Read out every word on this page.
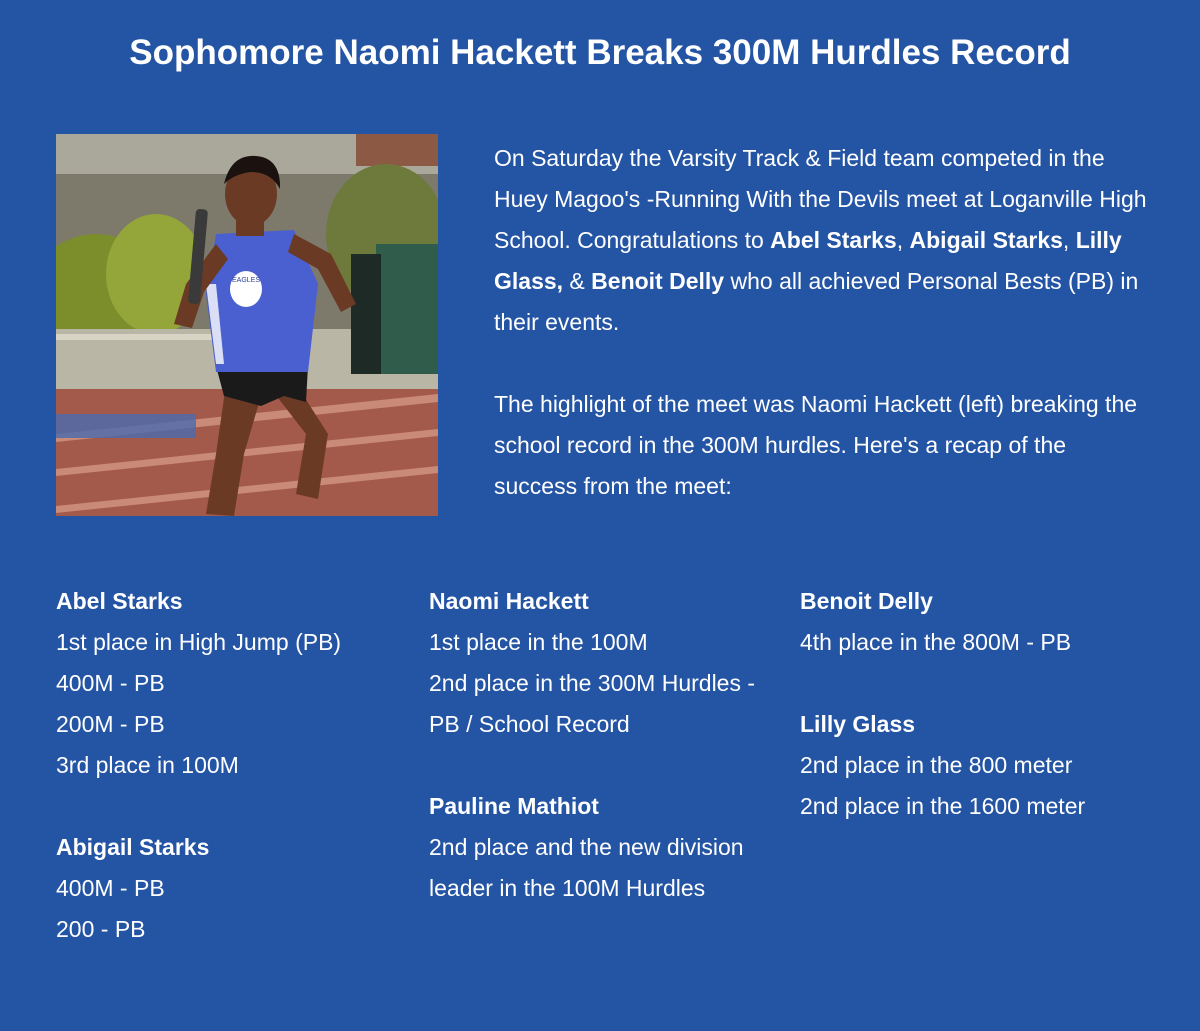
Sophomore Naomi Hackett Breaks 300M Hurdles Record
EAGLES

On Saturday the Varsity Track & Field team competed in the Huey Magoo's -Running With the Devils meet at Loganville High School. Congratulations to Abel Starks, Abigail Starks, Lilly Glass, & Benoit Delly who all achieved Personal Bests (PB) in their events.

The highlight of the meet was Naomi Hackett (left) breaking the school record in the 300M hurdles. Here's a recap of the success from the meet:

Abel Starks
1st place in High Jump (PB)
400M - PB
200M - PB
3rd place in 100M
Abigail Starks
400M - PB
200 - PB
Naomi Hackett
1st place in the 100M
2nd place in the 300M Hurdles - PB / School Record
Pauline Mathiot
2nd place and the new division leader in the 100M Hurdles
Benoit Delly
4th place in the 800M - PB
Lilly Glass
2nd place in the 800 meter
2nd place in the 1600 meter
